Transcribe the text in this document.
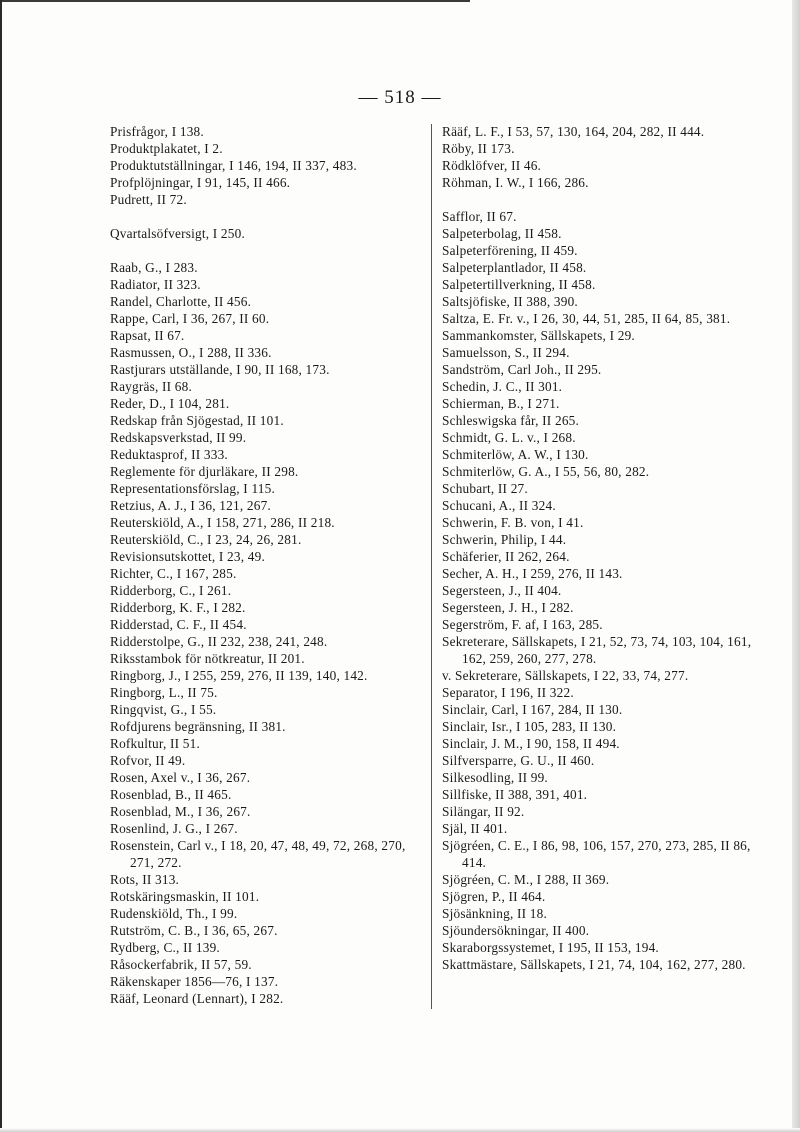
— 518 —
Prisfrågor, I 138.
Produktplakatet, I 2.
Produktutställningar, I 146, 194, II 337, 483.
Profplöjningar, I 91, 145, II 466.
Pudrett, II 72.
Qvartalsöfversigt, I 250.
Raab, G., I 283.
Radiator, II 323.
Randel, Charlotte, II 456.
Rappe, Carl, I 36, 267, II 60.
Rapsat, II 67.
Rasmussen, O., I 288, II 336.
Rastjurars utställande, I 90, II 168, 173.
Raygräs, II 68.
Reder, D., I 104, 281.
Redskap från Sjögestad, II 101.
Redskapsverkstad, II 99.
Reduktasprof, II 333.
Reglemente för djurläkare, II 298.
Representationsförslag, I 115.
Retzius, A. J., I 36, 121, 267.
Reuterskiöld, A., I 158, 271, 286, II 218.
Reuterskiöld, C., I 23, 24, 26, 281.
Revisionsutskottet, I 23, 49.
Richter, C., I 167, 285.
Ridderborg, C., I 261.
Ridderborg, K. F., I 282.
Ridderstad, C. F., II 454.
Ridderstolpe, G., II 232, 238, 241, 248.
Riksstambok för nötkreatur, II 201.
Ringborg, J., I 255, 259, 276, II 139, 140, 142.
Ringborg, L., II 75.
Ringqvist, G., I 55.
Rofdjurens begränsning, II 381.
Rofkultur, II 51.
Rofvor, II 49.
Rosen, Axel v., I 36, 267.
Rosenblad, B., II 465.
Rosenblad, M., I 36, 267.
Rosenlind, J. G., I 267.
Rosenstein, Carl v., I 18, 20, 47, 48, 49, 72, 268, 270, 271, 272.
Rots, II 313.
Rotskäringsmaskin, II 101.
Rudenskiöld, Th., I 99.
Rutström, C. B., I 36, 65, 267.
Rydberg, C., II 139.
Råsockerfabrik, II 57, 59.
Räkenskaper 1856—76, I 137.
Rääf, Leonard (Lennart), I 282.
Rääf, L. F., I 53, 57, 130, 164, 204, 282, II 444.
Röby, II 173.
Rödklöfver, II 46.
Röhman, I. W., I 166, 286.
Safflor, II 67.
Salpeterbolag, II 458.
Salpeterförening, II 459.
Salpeterplantlador, II 458.
Salpetertillverkning, II 458.
Saltsjöfiske, II 388, 390.
Saltza, E. Fr. v., I 26, 30, 44, 51, 285, II 64, 85, 381.
Sammankomster, Sällskapets, I 29.
Samuelsson, S., II 294.
Sandström, Carl Joh., II 295.
Schedin, J. C., II 301.
Schierman, B., I 271.
Schleswigska får, II 265.
Schmidt, G. L. v., I 268.
Schmiterlöw, A. W., I 130.
Schmiterlöw, G. A., I 55, 56, 80, 282.
Schubart, II 27.
Schucani, A., II 324.
Schwerin, F. B. von, I 41.
Schwerin, Philip, I 44.
Schäferier, II 262, 264.
Secher, A. H., I 259, 276, II 143.
Segersteen, J., II 404.
Segersteen, J. H., I 282.
Segerström, F. af, I 163, 285.
Sekreterare, Sällskapets, I 21, 52, 73, 74, 103, 104, 161, 162, 259, 260, 277, 278.
v. Sekreterare, Sällskapets, I 22, 33, 74, 277.
Separator, I 196, II 322.
Sinclair, Carl, I 167, 284, II 130.
Sinclair, Isr., I 105, 283, II 130.
Sinclair, J. M., I 90, 158, II 494.
Silfversparre, G. U., II 460.
Silkesodling, II 99.
Sillfiske, II 388, 391, 401.
Silängar, II 92.
Själ, II 401.
Sjögréen, C. E., I 86, 98, 106, 157, 270, 273, 285, II 86, 414.
Sjögréen, C. M., I 288, II 369.
Sjögren, P., II 464.
Sjösänkning, II 18.
Sjöundersökningar, II 400.
Skaraborgssystemet, I 195, II 153, 194.
Skattmästare, Sällskapets, I 21, 74, 104, 162, 277, 280.
